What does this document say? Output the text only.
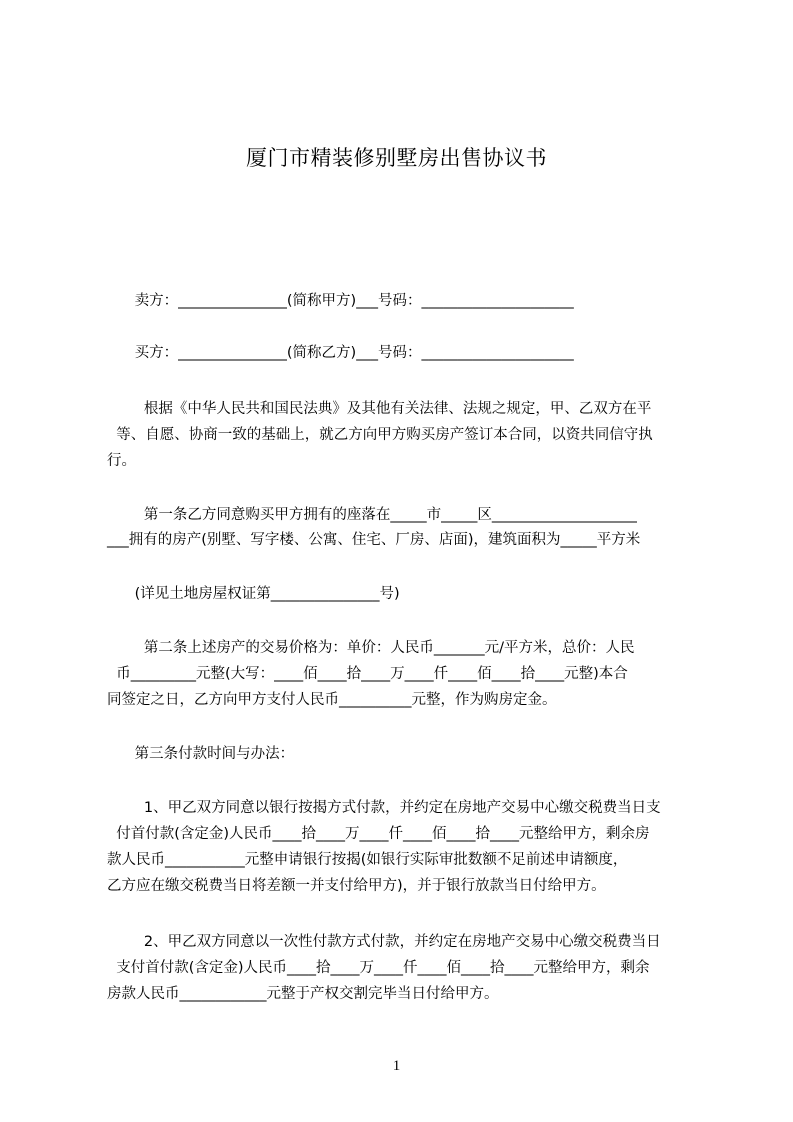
厦门市精装修别墅房出售协议书
卖方：_______________(简称甲方)___号码：_____________________
买方：_______________(简称乙方)___号码：_____________________
根据《中华人民共和国民法典》及其他有关法律、法规之规定，甲、乙双方在平
等、自愿、协商一致的基础上，就乙方向甲方购买房产签订本合同，以资共同信守执
行。
第一条乙方同意购买甲方拥有的座落在_____市_____区____________________
___拥有的房产(别墅、写字楼、公寓、住宅、厂房、店面)，建筑面积为_____平方米
(详见土地房屋权证第_______________号)
第二条上述房产的交易价格为：单价：人民币_______元/平方米，总价：人民
币_________元整(大写：____佰____拾____万____仟____佰____拾____元整)本合
同签定之日，乙方向甲方支付人民币__________元整，作为购房定金。
第三条付款时间与办法：
1、甲乙双方同意以银行按揭方式付款，并约定在房地产交易中心缴交税费当日支
付首付款(含定金)人民币____拾____万____仟____佰____拾____元整给甲方，剩余房
款人民币___________元整申请银行按揭(如银行实际审批数额不足前述申请额度，
乙方应在缴交税费当日将差额一并支付给甲方)，并于银行放款当日付给甲方。
2、甲乙双方同意以一次性付款方式付款，并约定在房地产交易中心缴交税费当日
支付首付款(含定金)人民币____拾____万____仟____佰____拾____元整给甲方，剩余
房款人民币____________元整于产权交割完毕当日付给甲方。
1
